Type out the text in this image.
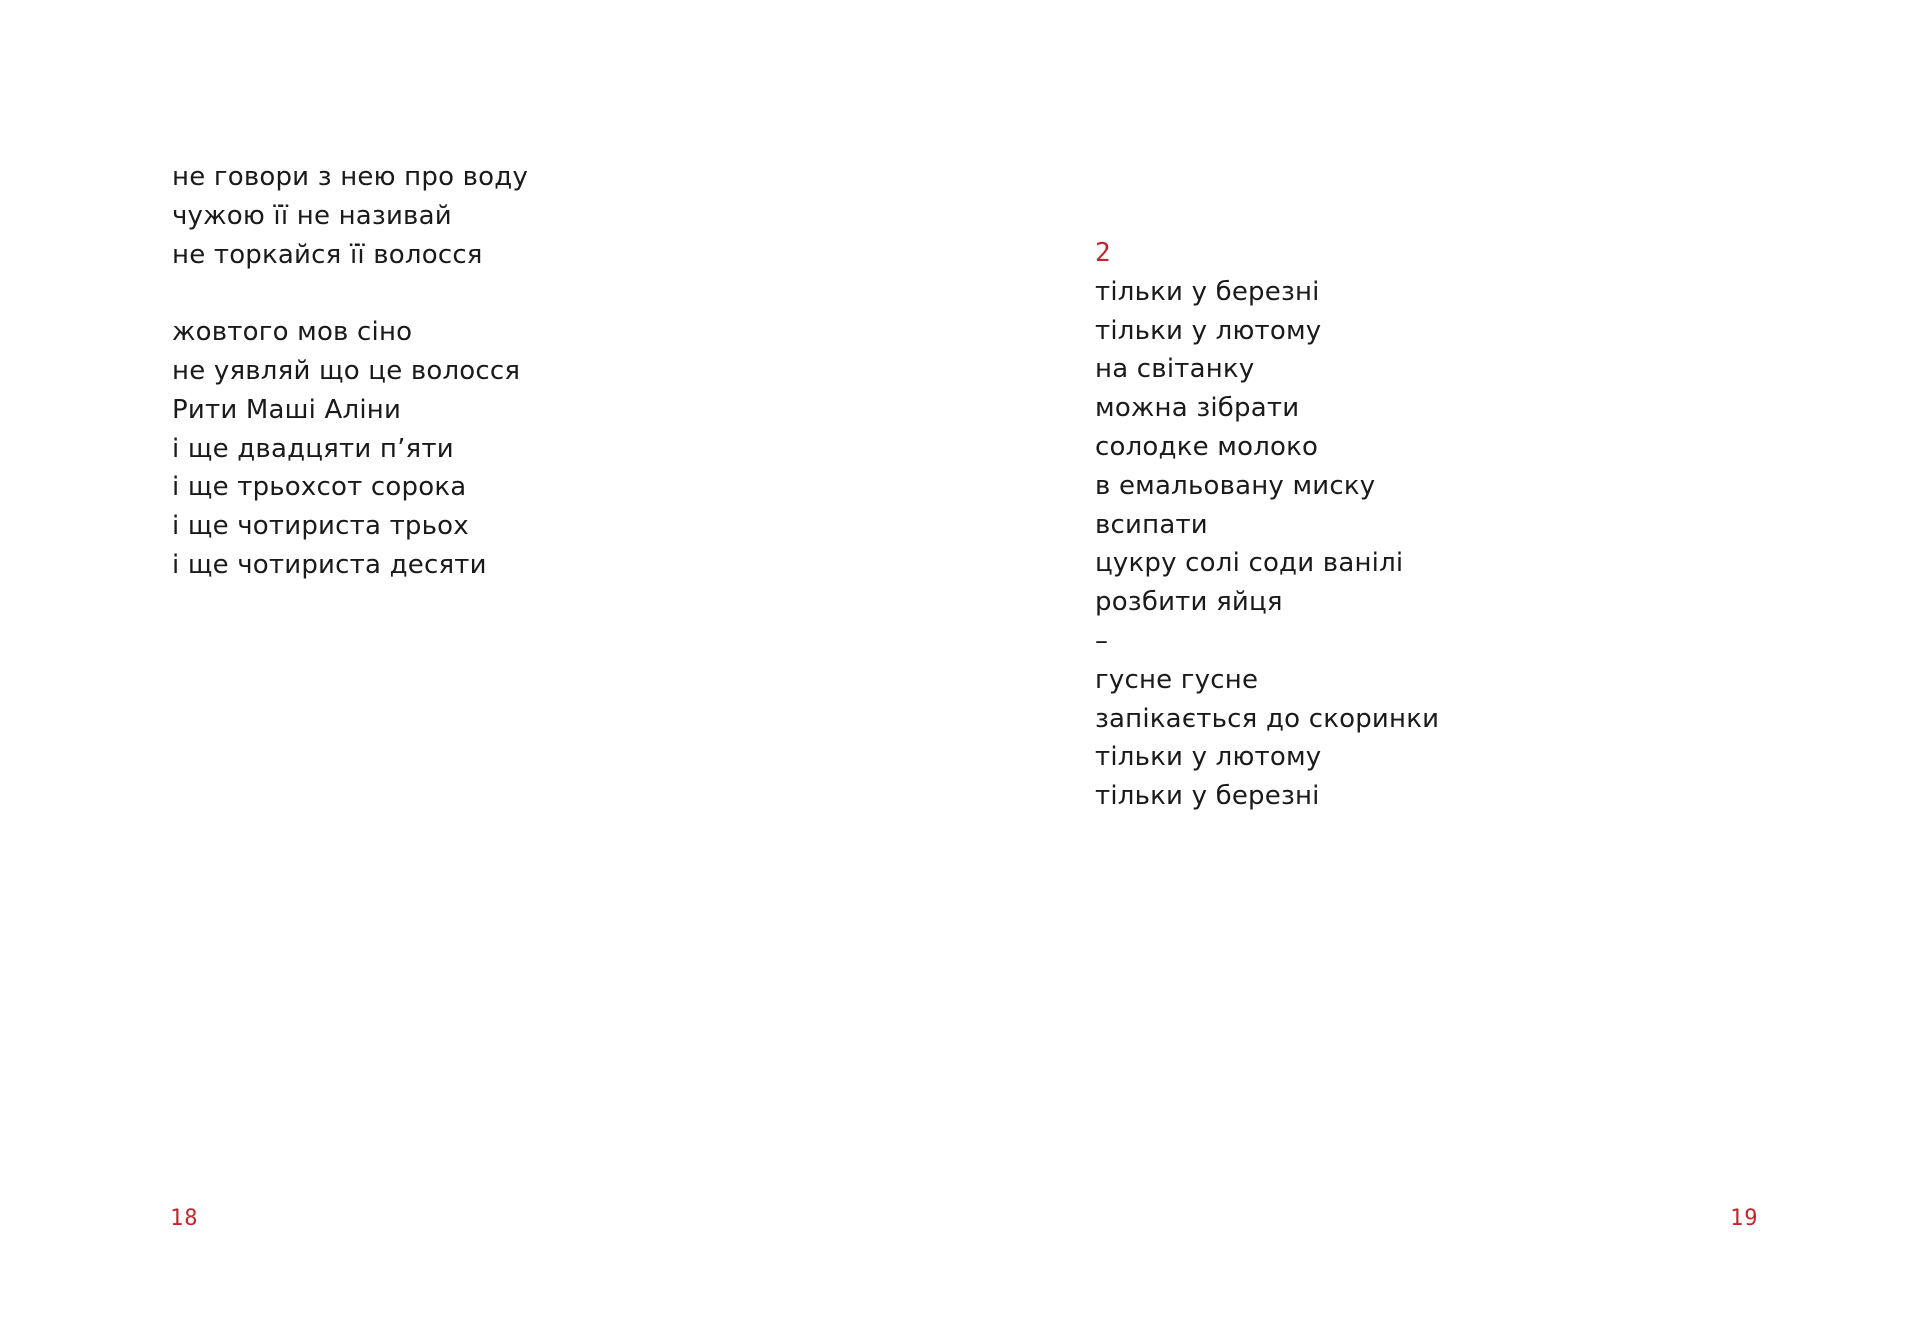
не говори з нею про воду
чужою її не називай
не торкайся її волосся
жовтого мов сіно
не уявляй що це волосся
Рити Маші Аліни
і ще двадцяти п’яти
і ще трьохсот сорока
і ще чотириста трьох
і ще чотириста десяти
18
2
тільки у березні
тільки у лютому
на світанку
можна зібрати
солодке молоко
в емальовану миску
всипати
цукру солі соди ванілі
розбити яйця
–
гусне гусне
запікається до скоринки
тільки у лютому
тільки у березні
19
